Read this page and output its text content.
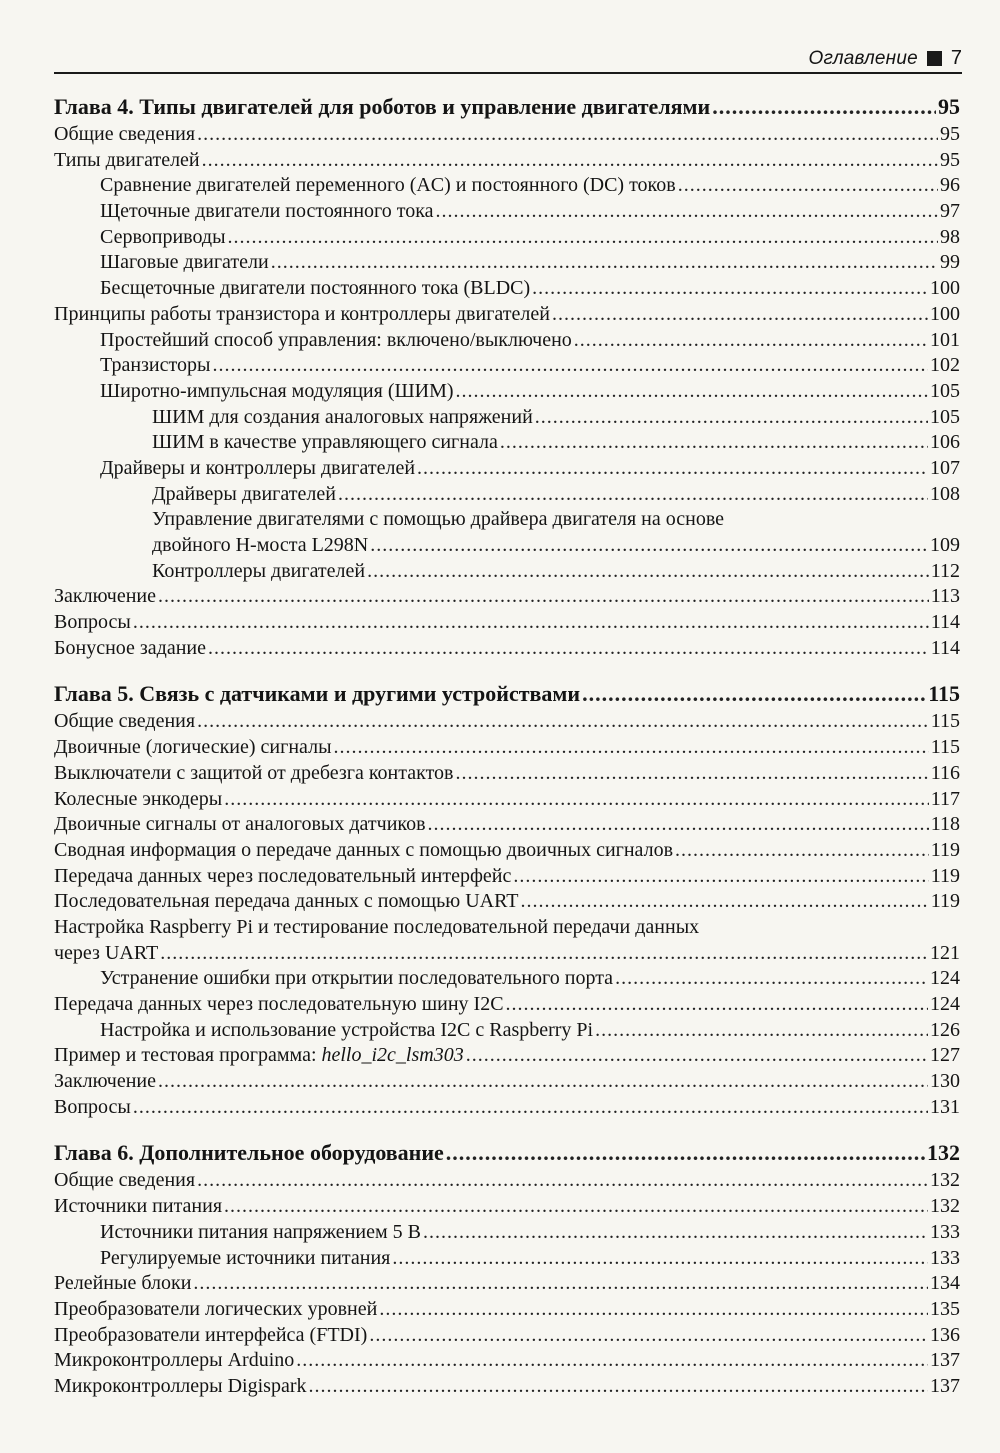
Оглавление 7
Глава 4. Типы двигателей для роботов и управление двигателями .....	95
Общие сведения .....	95
Типы двигателей .....	95
Сравнение двигателей переменного (AC) и постоянного (DC) токов .....	96
Щеточные двигатели постоянного тока .....	97
Сервоприводы .....	98
Шаговые двигатели .....	99
Бесщеточные двигатели постоянного тока (BLDC) .....	100
Принципы работы транзистора и контроллеры двигателей .....	100
Простейший способ управления: включено/выключено .....	101
Транзисторы .....	102
Широтно-импульсная модуляция (ШИМ) .....	105
ШИМ для создания аналоговых напряжений .....	105
ШИМ в качестве управляющего сигнала .....	106
Драйверы и контроллеры двигателей .....	107
Драйверы двигателей .....	108
Управление двигателями с помощью драйвера двигателя на основе
двойного H-моста L298N .....	109
Контроллеры двигателей .....	112
Заключение .....	113
Вопросы .....	114
Бонусное задание .....	114
Глава 5. Связь с датчиками и другими устройствами .....	115
Общие сведения .....	115
Двоичные (логические) сигналы .....	115
Выключатели с защитой от дребезга контактов .....	116
Колесные энкодеры .....	117
Двоичные сигналы от аналоговых датчиков .....	118
Сводная информация о передаче данных с помощью двоичных сигналов .....	119
Передача данных через последовательный интерфейс .....	119
Последовательная передача данных с помощью UART .....	119
Настройка Raspberry Pi и тестирование последовательной передачи данных
через UART .....	121
Устранение ошибки при открытии последовательного порта .....	124
Передача данных через последовательную шину I2C .....	124
Настройка и использование устройства I2C с Raspberry Pi .....	126
Пример и тестовая программа: hello_i2c_lsm303 .....	127
Заключение .....	130
Вопросы .....	131
Глава 6. Дополнительное оборудование .....	132
Общие сведения .....	132
Источники питания .....	132
Источники питания напряжением 5 В .....	133
Регулируемые источники питания .....	133
Релейные блоки .....	134
Преобразователи логических уровней .....	135
Преобразователи интерфейса (FTDI) .....	136
Микроконтроллеры Arduino .....	137
Микроконтроллеры Digispark .....	137
